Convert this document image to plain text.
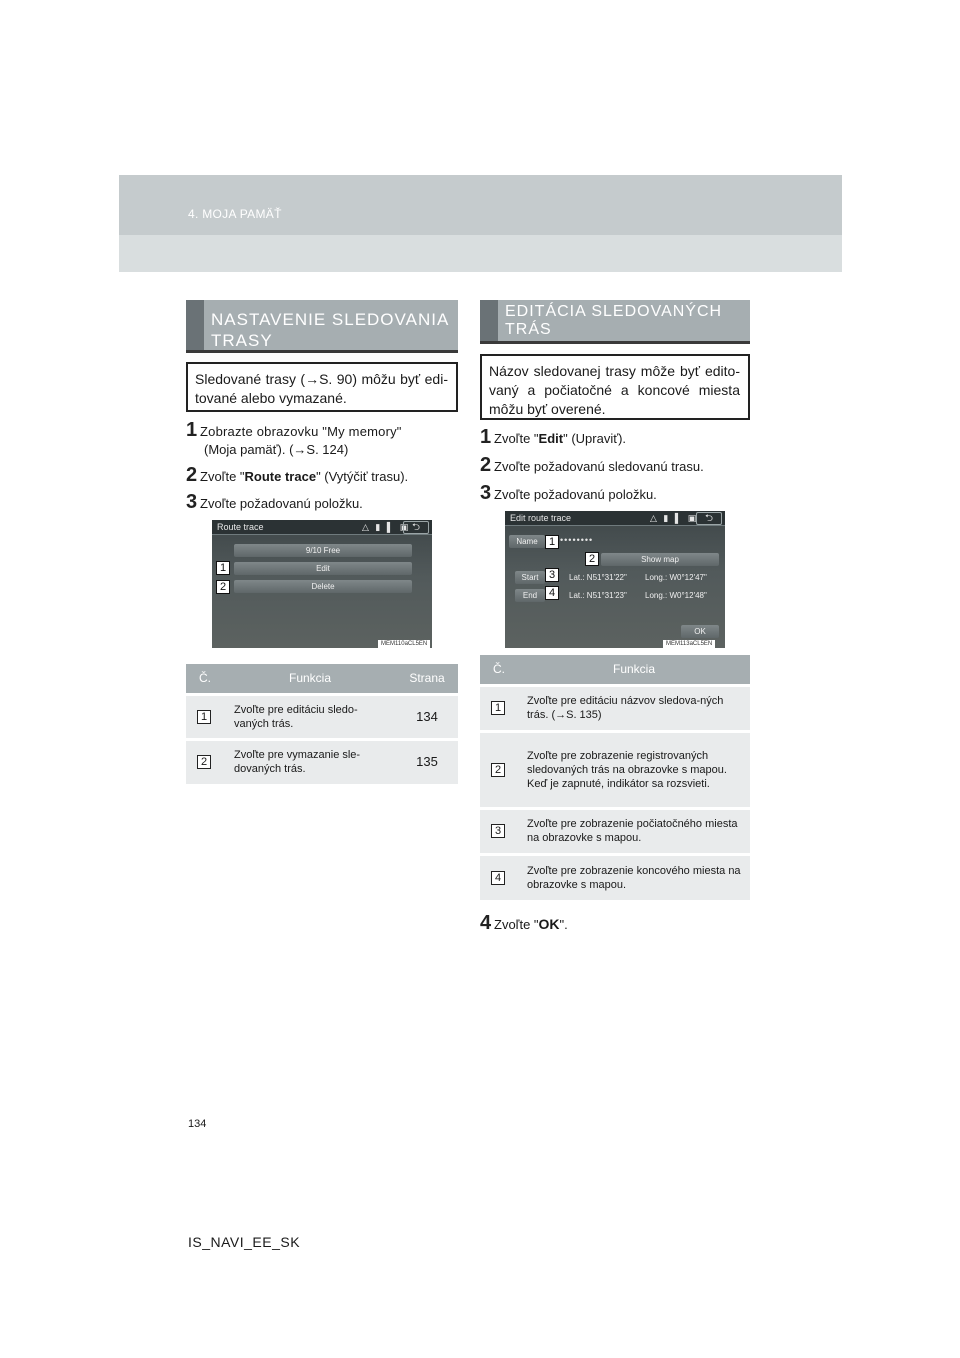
4. MOJA PAMÄŤ
NASTAVENIE SLEDOVANIA TRASY
Sledované trasy (→S. 90) môžu byť edi-tované alebo vymazané.
1 Zobrazte obrazovku "My memory"
(Moja pamäť). (→S. 124)
2 Zvoľte "Route trace" (Vytýčiť trasu).
3 Zvoľte požadovanú položku.
Route trace	△ ▮ ▌ ▣ ⮌
9/10 Free
Edit
Delete
1
2
MEM110aCL5EN
Č.	Funkcia	Strana
1	Zvoľte pre editáciu sledo-vaných trás.	134
2	Zvoľte pre vymazanie sle-dovaných trás.	135
EDITÁCIA SLEDOVANÝCH TRÁS
Názov sledovanej trasy môže byť edito-vaný a počiatočné a koncové miesta môžu byť overené.
1 Zvoľte "Edit" (Upraviť).
2 Zvoľte požadovanú sledovanú trasu.
3 Zvoľte požadovanú položku.
Edit route trace	△ ▮ ▌ ▣ ⮌
Name	••••••••
Show map
Start	Lat.: N51°31'22" Long.: W0°12'47"
End	Lat.: N51°31'23" Long.: W0°12'48"
OK
1
2
3
4
MEM113aCL5EN
Č.	Funkcia
1	Zvoľte pre editáciu názvov sledova-ných trás. (→S. 135)
2	Zvoľte pre zobrazenie registrovaných sledovaných trás na obrazovke s mapou. Keď je zapnuté, indikátor sa rozsvieti.
3	Zvoľte pre zobrazenie počiatočného miesta na obrazovke s mapou.
4	Zvoľte pre zobrazenie koncového miesta na obrazovke s mapou.
4 Zvoľte "OK".
134
IS_NAVI_EE_SK
